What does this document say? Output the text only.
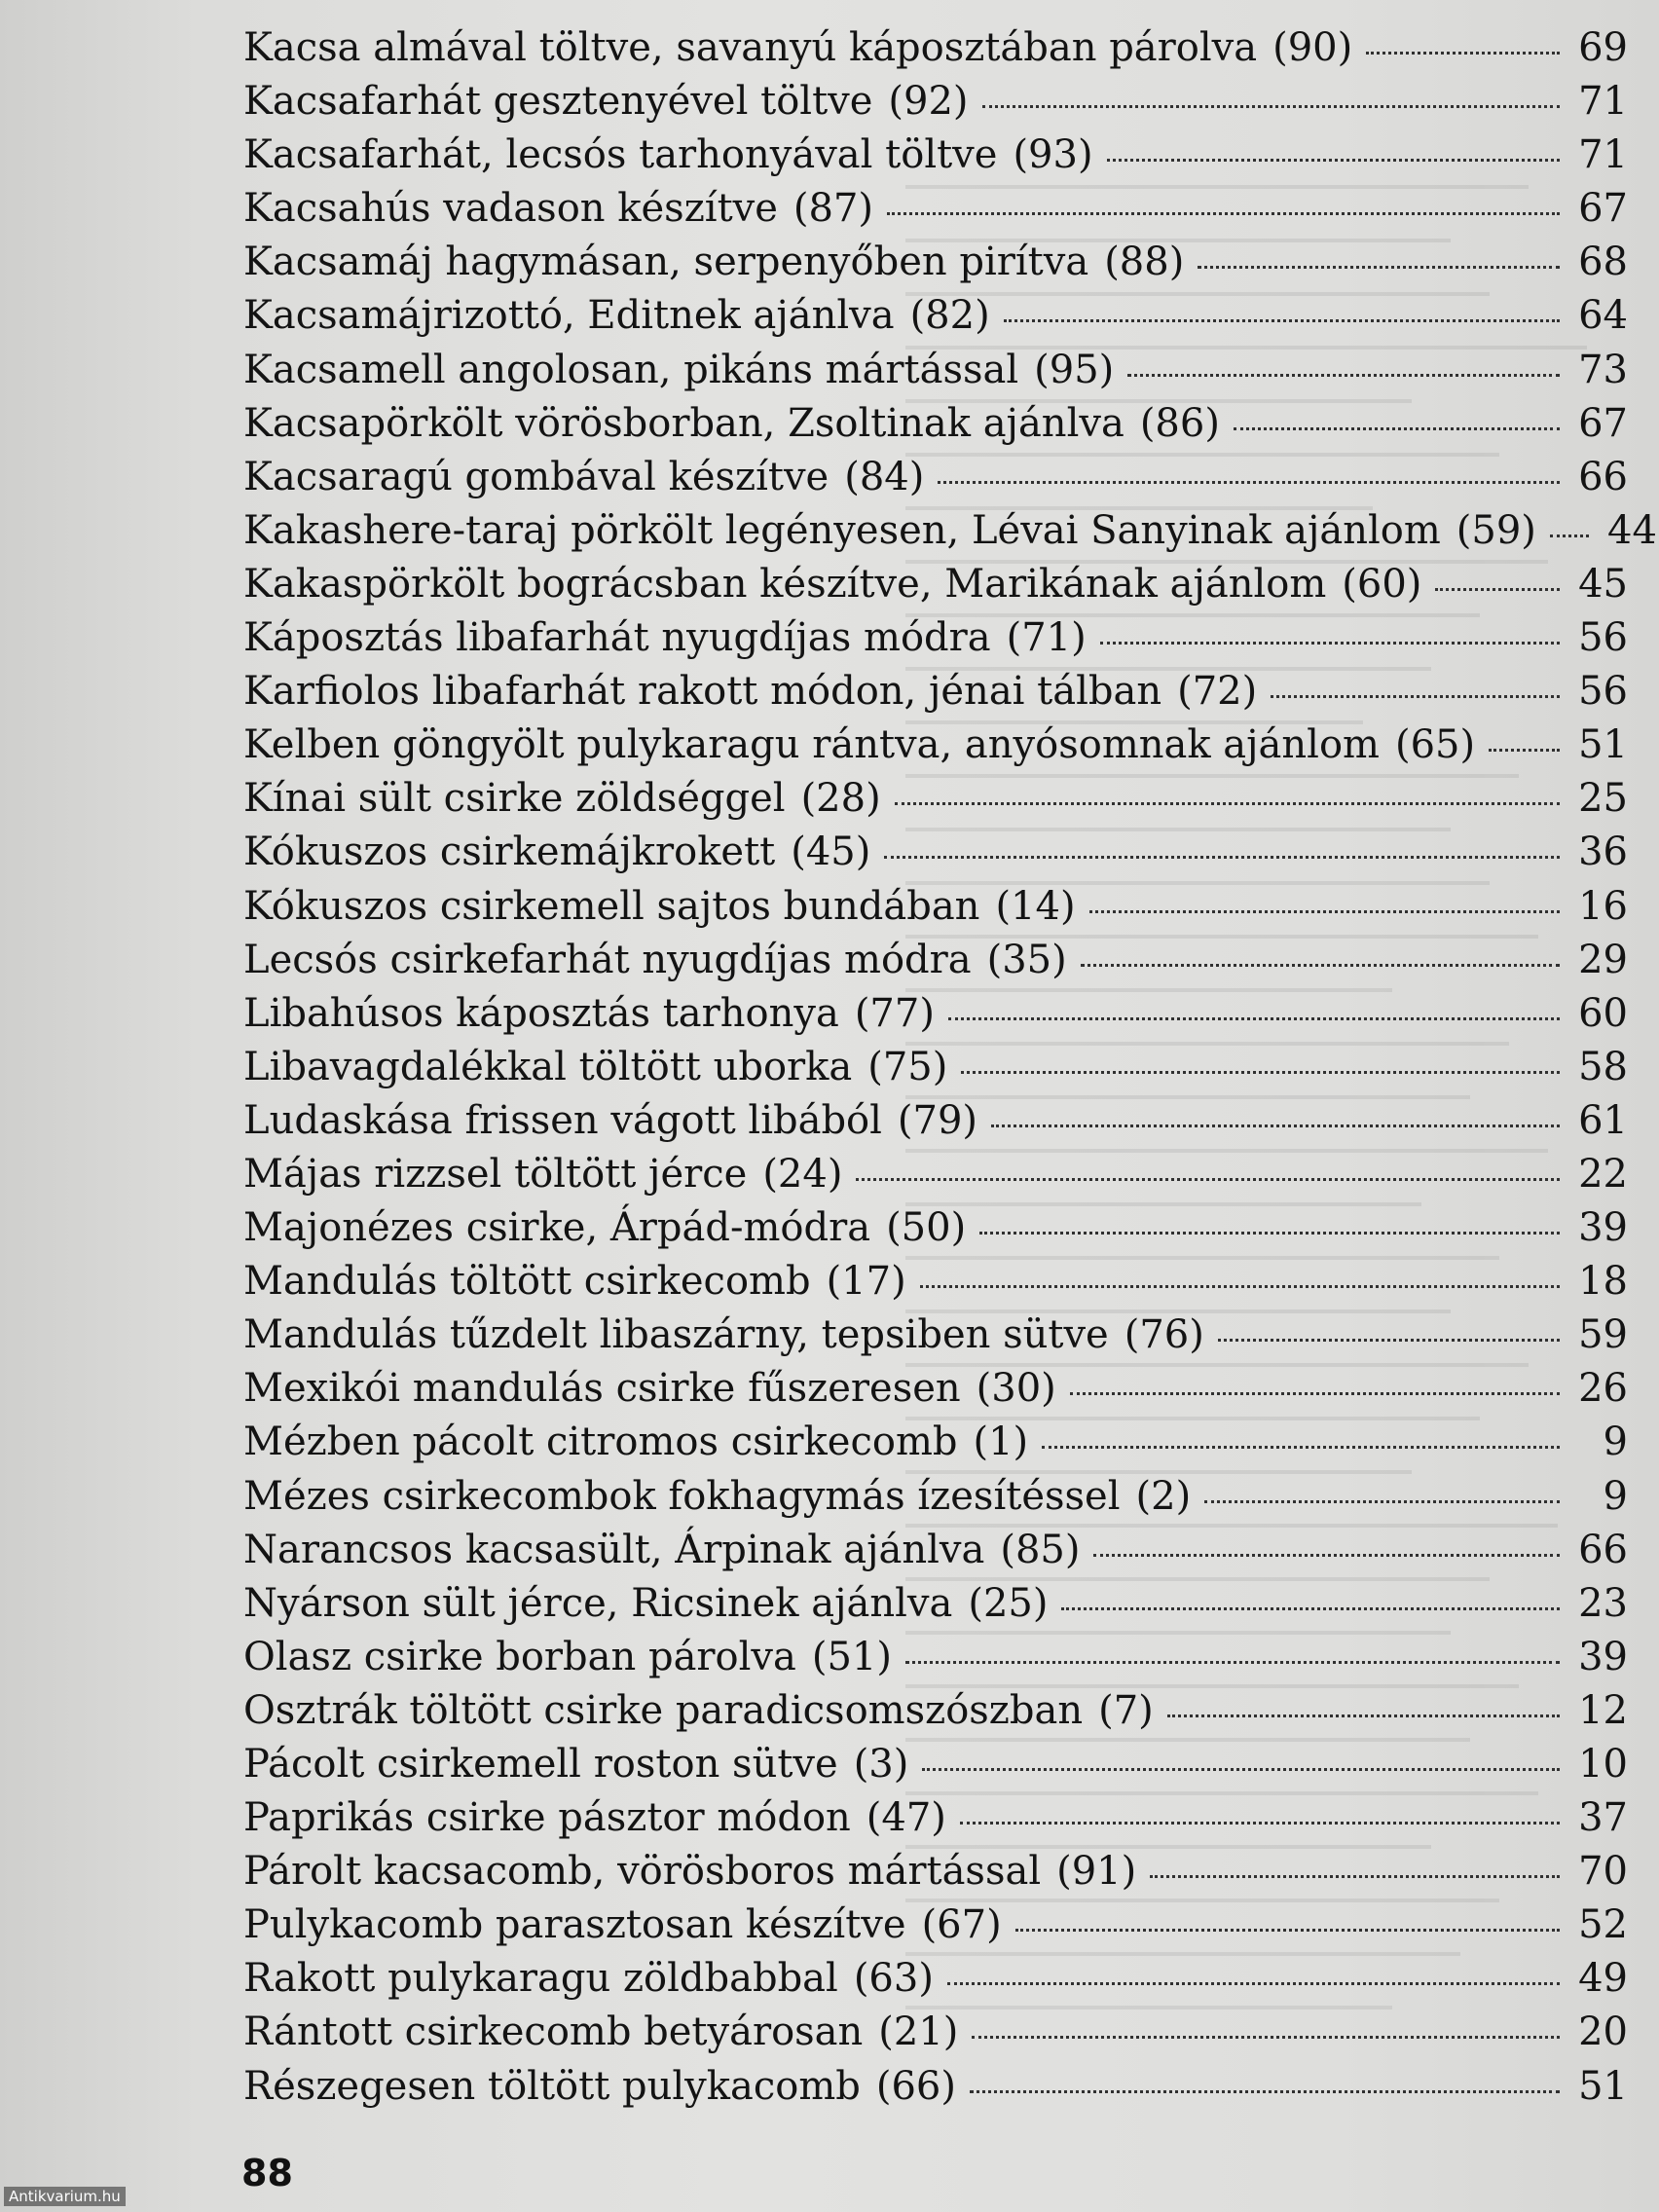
Kacsa almával töltve, savanyú káposztában párolva (90)	69
Kacsafarhát gesztenyével töltve (92)	71
Kacsafarhát, lecsós tarhonyával töltve (93)	71
Kacsahús vadason készítve (87)	67
Kacsamáj hagymásan, serpenyőben pirítva (88)	68
Kacsamájrizottó, Editnek ajánlva (82)	64
Kacsamell angolosan, pikáns mártással (95)	73
Kacsapörkölt vörösborban, Zsoltinak ajánlva (86)	67
Kacsaragú gombával készítve (84)	66
Kakashere-taraj pörkölt legényesen, Lévai Sanyinak ajánlom (59) 44
Kakaspörkölt bográcsban készítve, Marikának ajánlom (60)	45
Káposztás libafarhát nyugdíjas módra (71)	56
Karfiolos libafarhát rakott módon, jénai tálban (72)	56
Kelben göngyölt pulykaragu rántva, anyósomnak ajánlom (65)	51
Kínai sült csirke zöldséggel (28)	25
Kókuszos csirkemájkrokett (45)	36
Kókuszos csirkemell sajtos bundában (14)	16
Lecsós csirkefarhát nyugdíjas módra (35)	29
Libahúsos káposztás tarhonya (77)	60
Libavagdalékkal töltött uborka (75)	58
Ludaskása frissen vágott libából (79)	61
Májas rizzsel töltött jérce (24)	22
Majonézes csirke, Árpád-módra (50)	39
Mandulás töltött csirkecomb (17)	18
Mandulás tűzdelt libaszárny, tepsiben sütve (76)	59
Mexikói mandulás csirke fűszeresen (30)	26
Mézben pácolt citromos csirkecomb (1)	9
Mézes csirkecombok fokhagymás ízesítéssel (2)	9
Narancsos kacsasült, Árpinak ajánlva (85)	66
Nyárson sült jérce, Ricsinek ajánlva (25)	23
Olasz csirke borban párolva (51)	39
Osztrák töltött csirke paradicsomszószban (7)	12
Pácolt csirkemell roston sütve (3)	10
Paprikás csirke pásztor módon (47)	37
Párolt kacsacomb, vörösboros mártással (91)	70
Pulykacomb parasztosan készítve (67)	52
Rakott pulykaragu zöldbabbal (63)	49
Rántott csirkecomb betyárosan (21)	20
Részegesen töltött pulykacomb (66)	51
88
Antikvarium.hu
